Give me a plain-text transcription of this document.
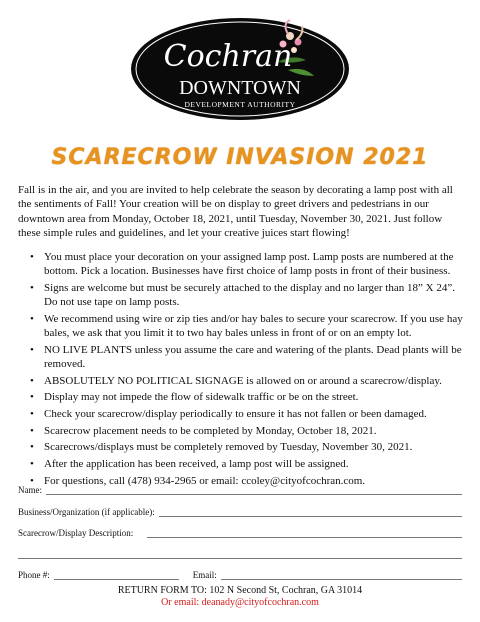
Cochran
DOWNTOWN
DEVELOPMENT AUTHORITY
SCARECROW INVASION 2021
Fall is in the air, and you are invited to help celebrate the season by decorating a lamp post with all the sentiments of Fall! Your creation will be on display to greet drivers and pedestrians in our downtown area from Monday, October 18, 2021, until Tuesday, November 30, 2021. Just follow these simple rules and guidelines, and let your creative juices start flowing!
• You must place your decoration on your assigned lamp post. Lamp posts are numbered at the bottom. Pick a location. Businesses have first choice of lamp posts in front of their business.
• Signs are welcome but must be securely attached to the display and no larger than 18” X 24”. Do not use tape on lamp posts.
• We recommend using wire or zip ties and/or hay bales to secure your scarecrow. If you use hay bales, we ask that you limit it to two hay bales unless in front of or on an empty lot.
• NO LIVE PLANTS unless you assume the care and watering of the plants. Dead plants will be removed.
• ABSOLUTELY NO POLITICAL SIGNAGE is allowed on or around a scarecrow/display.
• Display may not impede the flow of sidewalk traffic or be on the street.
• Check your scarecrow/display periodically to ensure it has not fallen or been damaged.
• Scarecrow placement needs to be completed by Monday, October 18, 2021.
• Scarecrows/displays must be completely removed by Tuesday, November 30, 2021.
• After the application has been received, a lamp post will be assigned.
• For questions, call (478) 934-2965 or email: ccoley@cityofcochran.com.
Name:
Business/Organization (if applicable):
Scarecrow/Display Description:
Phone #:	Email:
RETURN FORM TO: 102 N Second St, Cochran, GA 31014
Or email: deanady@cityofcochran.com
